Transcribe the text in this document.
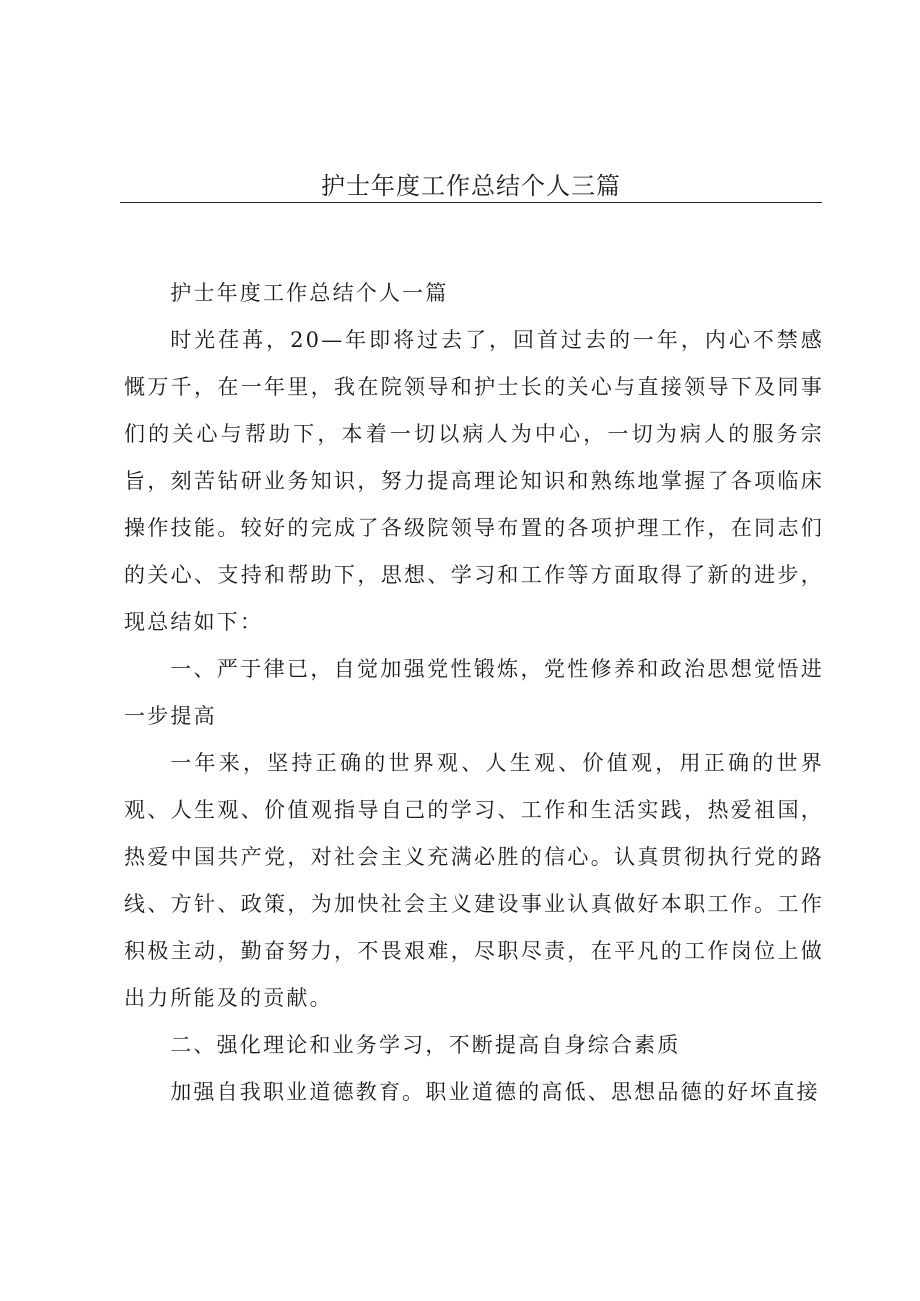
护士年度工作总结个人三篇

护士年度工作总结个人一篇

时光荏苒，20—年即将过去了，回首过去的一年，内心不禁感慨万千，在一年里，我在院领导和护士长的关心与直接领导下及同事们的关心与帮助下，本着一切以病人为中心，一切为病人的服务宗旨，刻苦钻研业务知识，努力提高理论知识和熟练地掌握了各项临床操作技能。较好的完成了各级院领导布置的各项护理工作，在同志们的关心、支持和帮助下，思想、学习和工作等方面取得了新的进步，现总结如下：

一、严于律已，自觉加强党性锻炼，党性修养和政治思想觉悟进一步提高

一年来，坚持正确的世界观、人生观、价值观，用正确的世界观、人生观、价值观指导自己的学习、工作和生活实践，热爱祖国，热爱中国共产党，对社会主义充满必胜的信心。认真贯彻执行党的路线、方针、政策，为加快社会主义建设事业认真做好本职工作。工作积极主动，勤奋努力，不畏艰难，尽职尽责，在平凡的工作岗位上做出力所能及的贡献。

二、强化理论和业务学习，不断提高自身综合素质

加强自我职业道德教育。职业道德的高低、思想品德的好坏直接
